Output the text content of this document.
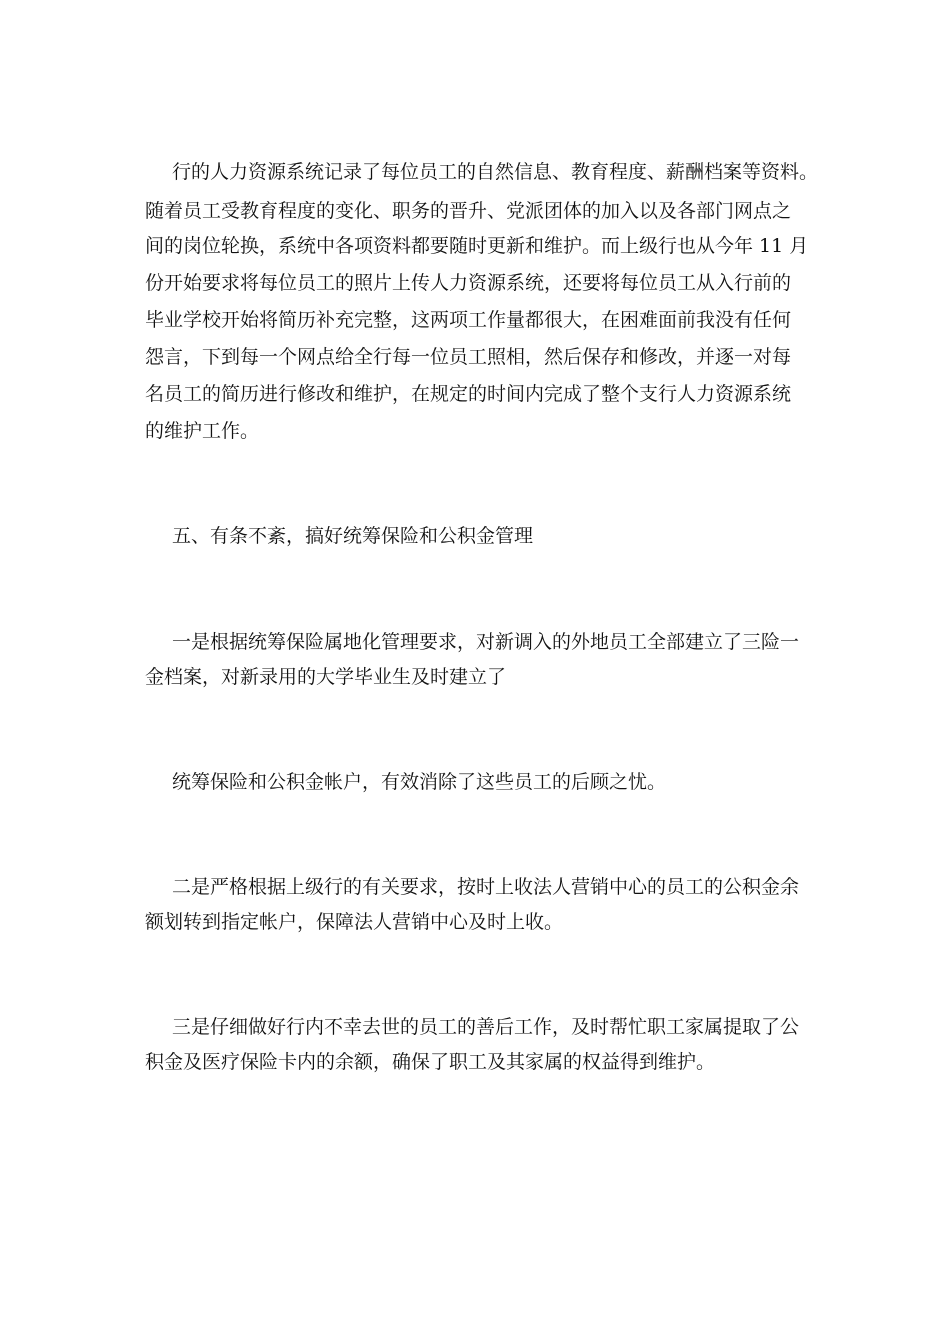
行的人力资源系统记录了每位员工的自然信息、教育程度、薪酬档案等资料。
随着员工受教育程度的变化、职务的晋升、党派团体的加入以及各部门网点之
间的岗位轮换，系统中各项资料都要随时更新和维护。而上级行也从今年 11 月
份开始要求将每位员工的照片上传人力资源系统，还要将每位员工从入行前的
毕业学校开始将简历补充完整，这两项工作量都很大，在困难面前我没有任何
怨言，下到每一个网点给全行每一位员工照相，然后保存和修改，并逐一对每
名员工的简历进行修改和维护，在规定的时间内完成了整个支行人力资源系统
的维护工作。
五、有条不紊，搞好统筹保险和公积金管理
一是根据统筹保险属地化管理要求，对新调入的外地员工全部建立了三险一
金档案，对新录用的大学毕业生及时建立了
统筹保险和公积金帐户，有效消除了这些员工的后顾之忧。
二是严格根据上级行的有关要求，按时上收法人营销中心的员工的公积金余
额划转到指定帐户，保障法人营销中心及时上收。
三是仔细做好行内不幸去世的员工的善后工作，及时帮忙职工家属提取了公
积金及医疗保险卡内的余额，确保了职工及其家属的权益得到维护。
